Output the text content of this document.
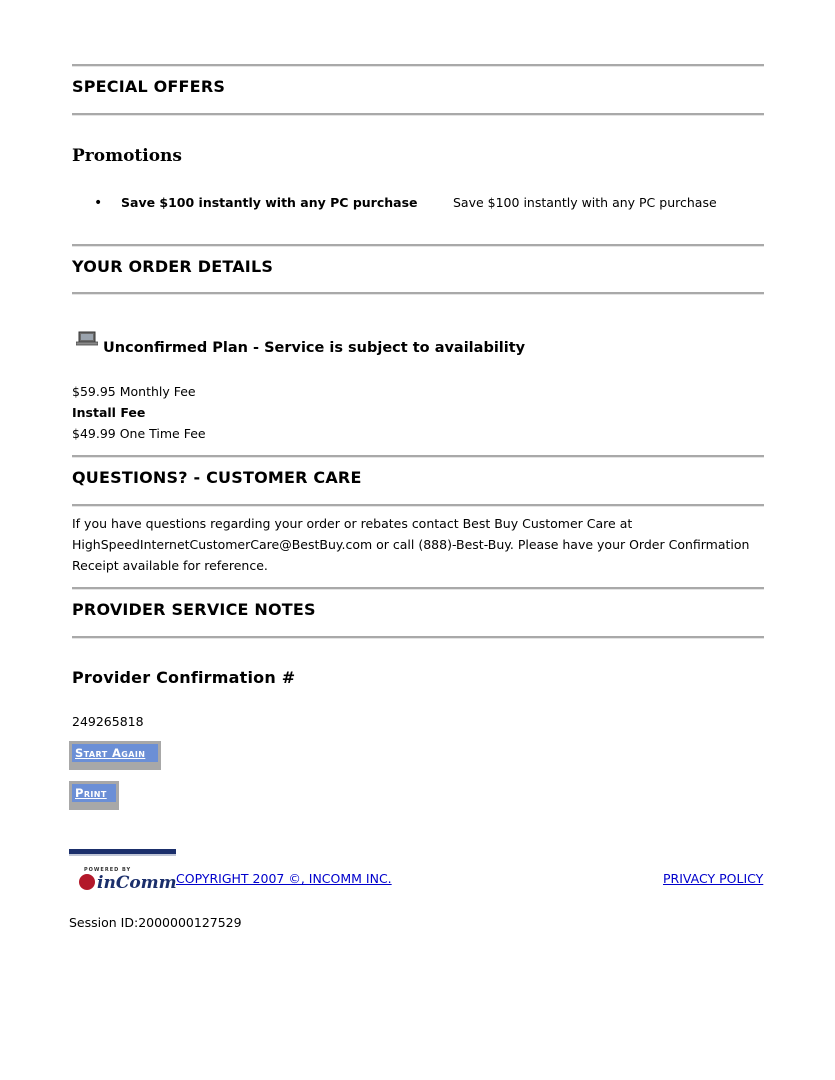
SPECIAL OFFERS
Promotions
• Save $100 instantly with any PC purchase	Save $100 instantly with any PC purchase
YOUR ORDER DETAILS
Unconfirmed Plan - Service is subject to availability
$59.95 Monthly Fee
Install Fee
$49.99 One Time Fee
QUESTIONS? - CUSTOMER CARE
If you have questions regarding your order or rebates contact Best Buy Customer Care at
HighSpeedInternetCustomerCare@BestBuy.com or call (888)-Best-Buy. Please have your Order Confirmation
Receipt available for reference.
PROVIDER SERVICE NOTES
Provider Confirmation #
249265818
Start Again
Print
POWERED BY
inComm COPYRIGHT 2007 ©, INCOMM INC.	PRIVACY POLICY
Session ID:2000000127529
